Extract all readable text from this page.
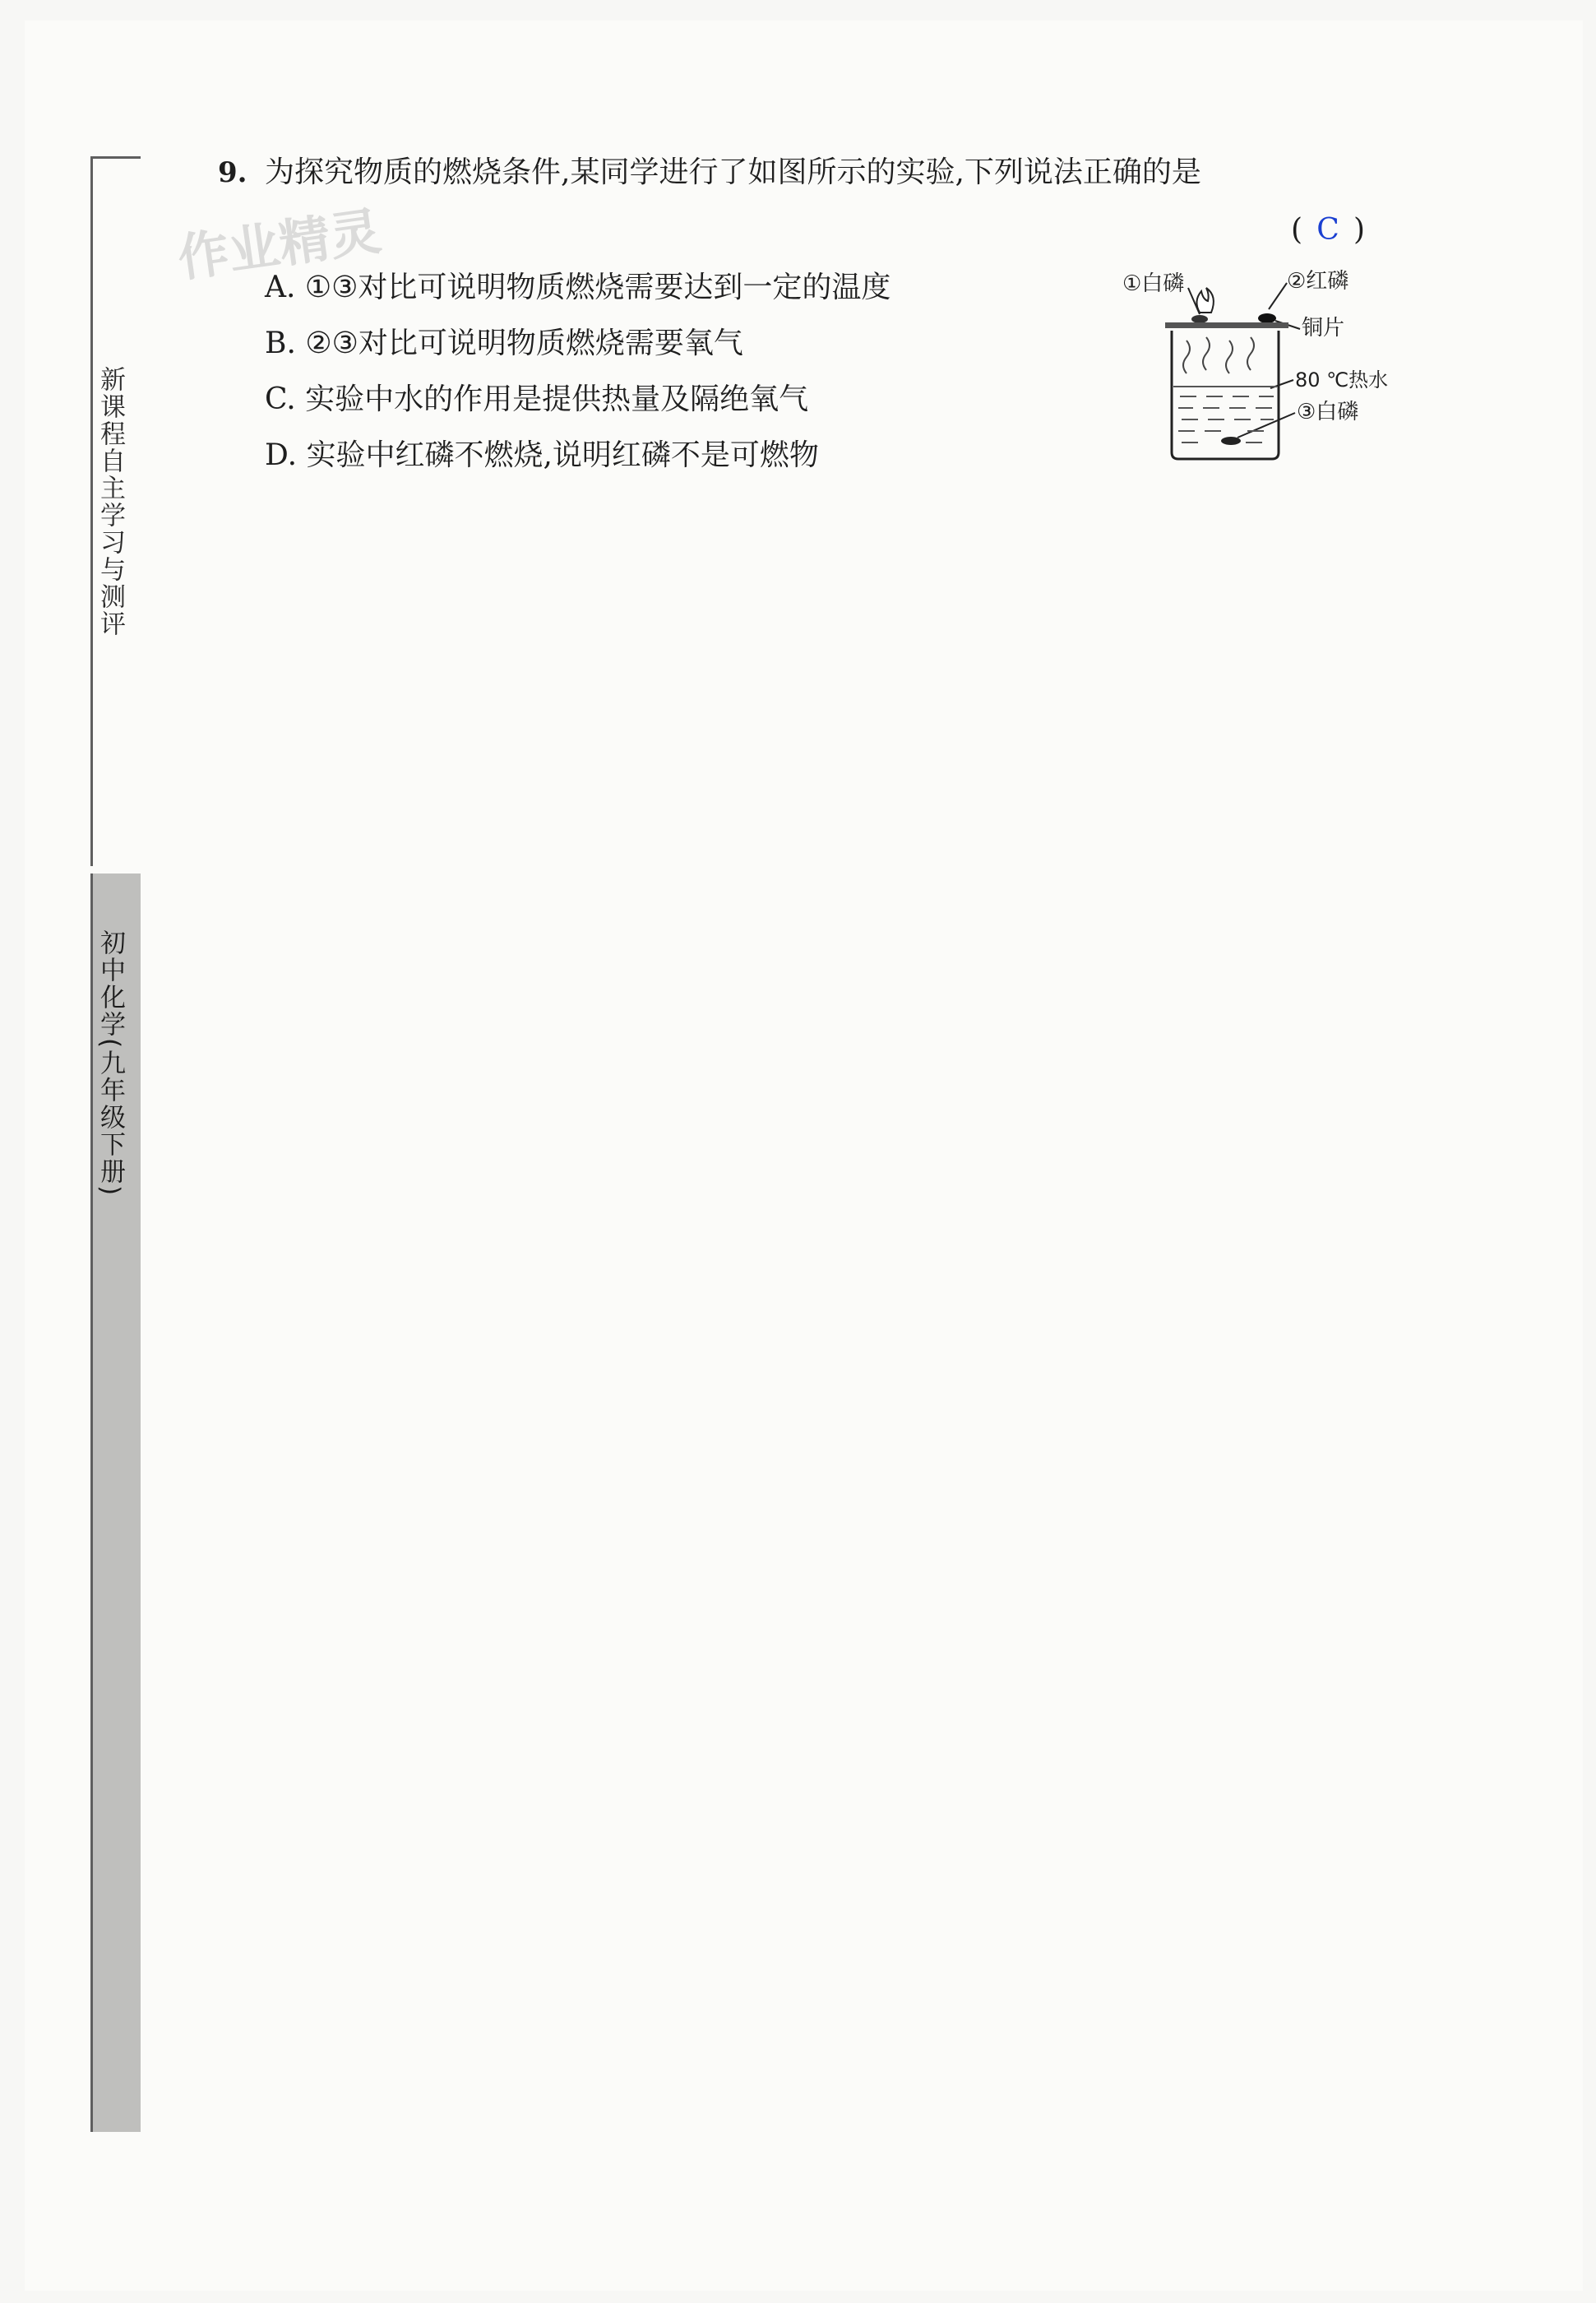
新课程自主学习与测评
初中化学(九年级下册)
作业精灵
9. 为探究物质的燃烧条件,某同学进行了如图所示的实验,下列说法正确的是
( C )
A. ①③对比可说明物质燃烧需要达到一定的温度
B. ②③对比可说明物质燃烧需要氧气
C. 实验中水的作用是提供热量及隔绝氧气
D. 实验中红磷不燃烧,说明红磷不是可燃物
①白磷	②红磷
铜片
80 ℃热水
③白磷
